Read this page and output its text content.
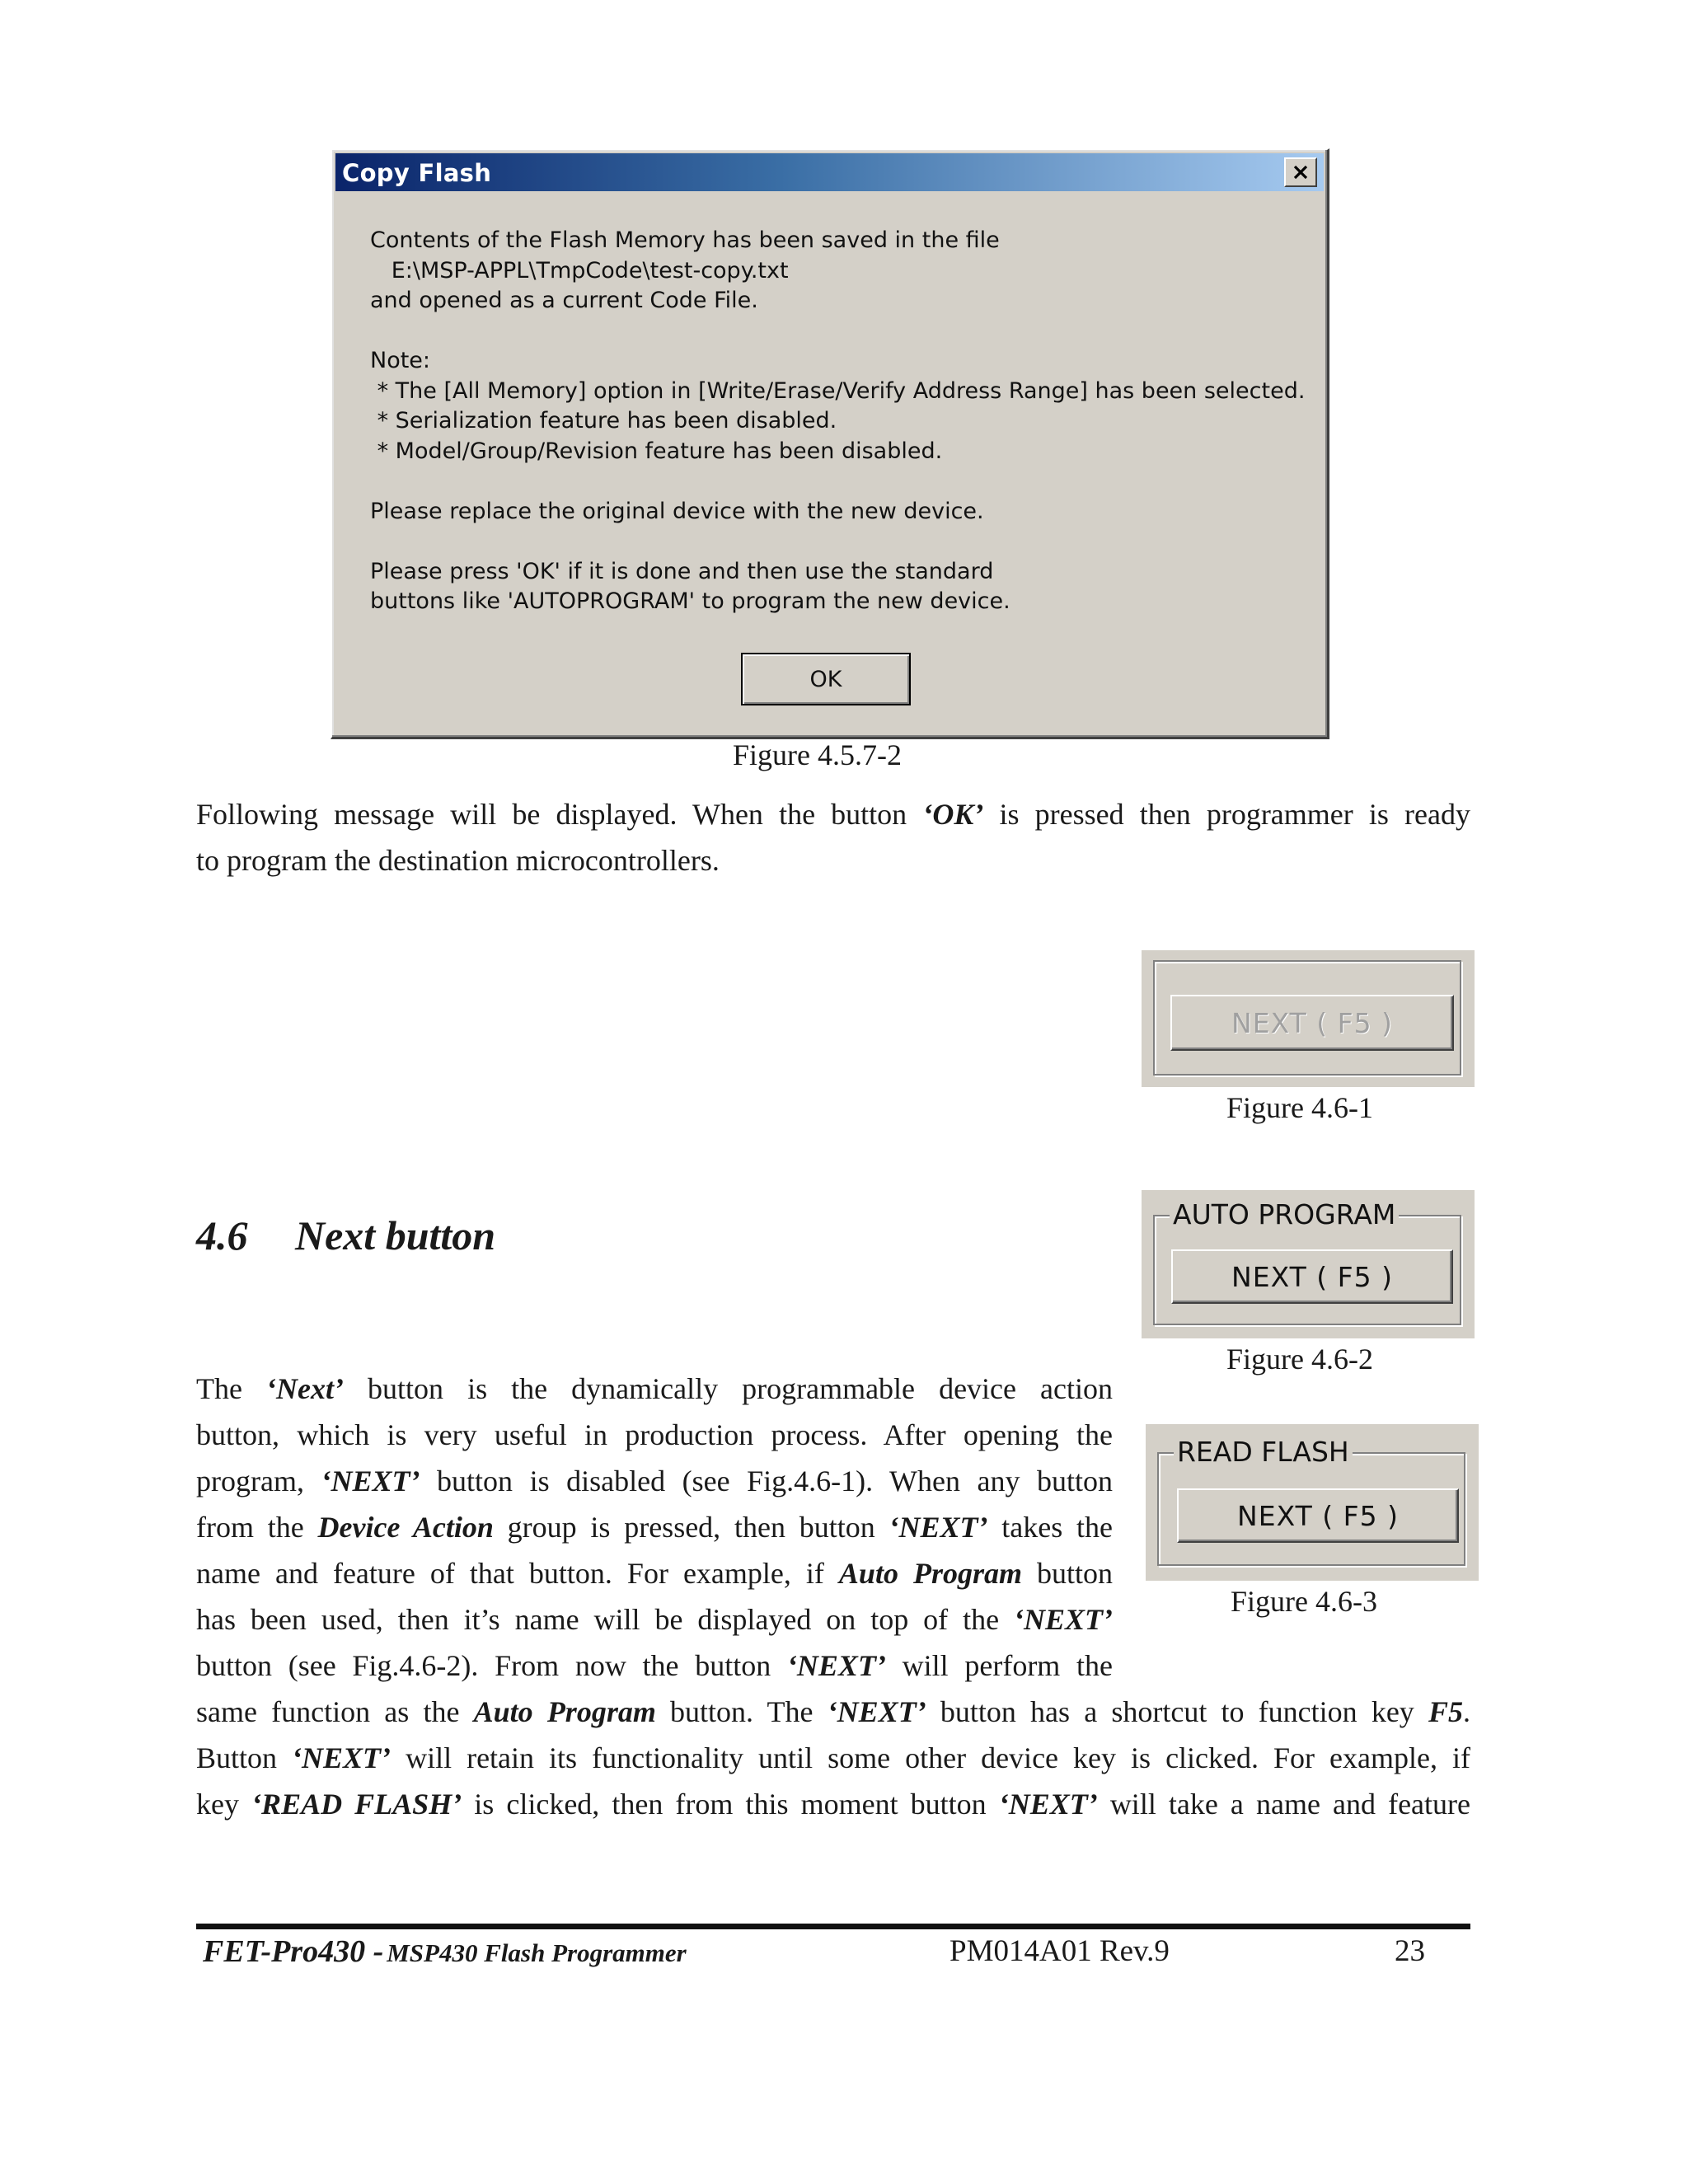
Copy Flash

Contents of the Flash Memory has been saved in the file

E:\MSP-APPL\TmpCode\test-copy.txt

and opened as a current Code File.

Note:

* The [All Memory] option in [Write/Erase/Verify Address Range] has been selected.

* Serialization feature has been disabled.

* Model/Group/Revision feature has been disabled.

Please replace the original device with the new device.

Please press 'OK' if it is done and then use the standard

buttons like 'AUTOPROGRAM' to program the new device.

OK
Figure 4.5.7-2
Following message will be displayed. When the button ‘OK’ is pressed then programmer is ready
to program the destination microcontrollers.
NEXT ( F5 )
Figure 4.6-1
4.6 Next button	AUTO PROGRAM
NEXT ( F5 )
Figure 4.6-2
READ FLASH
NEXT ( F5 )
Figure 4.6-3
The ‘Next’ button is the dynamically programmable device action
button, which is very useful in production process. After opening the
program, ‘NEXT’ button is disabled (see Fig.4.6-1). When any button
from the Device Action group is pressed, then button ‘NEXT’ takes the
name and feature of that button. For example, if Auto Program button
has been used, then it’s name will be displayed on top of the ‘NEXT’
button (see Fig.4.6-2). From now the button ‘NEXT’ will perform the
same function as the Auto Program button. The ‘NEXT’ button has a shortcut to function key F5.
Button ‘NEXT’ will retain its functionality until some other device key is clicked. For example, if
key ‘READ FLASH’ is clicked, then from this moment button ‘NEXT’ will take a name and feature
FET-Pro430 - MSP430 Flash Programmer	PM014A01 Rev.9	23
